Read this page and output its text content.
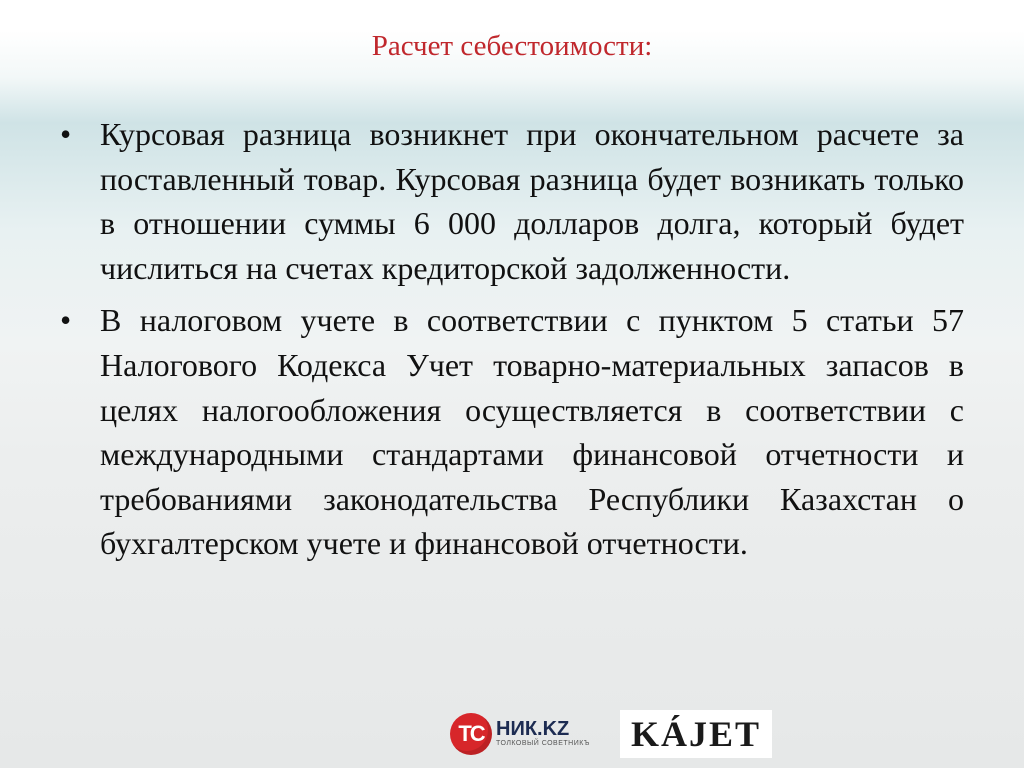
Расчет себестоимости:
• Курсовая разница возникнет при окончательном расчете за поставленный товар. Курсовая разница будет возникать только в отношении суммы 6 000 долларов долга, который будет числиться на счетах кредиторской задолженности.
• В налоговом учете в соответствии с пунктом 5 статьи 57 Налогового Кодекса Учет товарно-материальных запасов в целях налогообложения осуществляется в соответствии с международными стандартами финансовой отчетности и требованиями законодательства Республики Казахстан о бухгалтерском учете и финансовой отчетности.
ТС НИК.KZ
ТОЛКОВЫЙ СОВЕТНИКЪ	KÁJET
